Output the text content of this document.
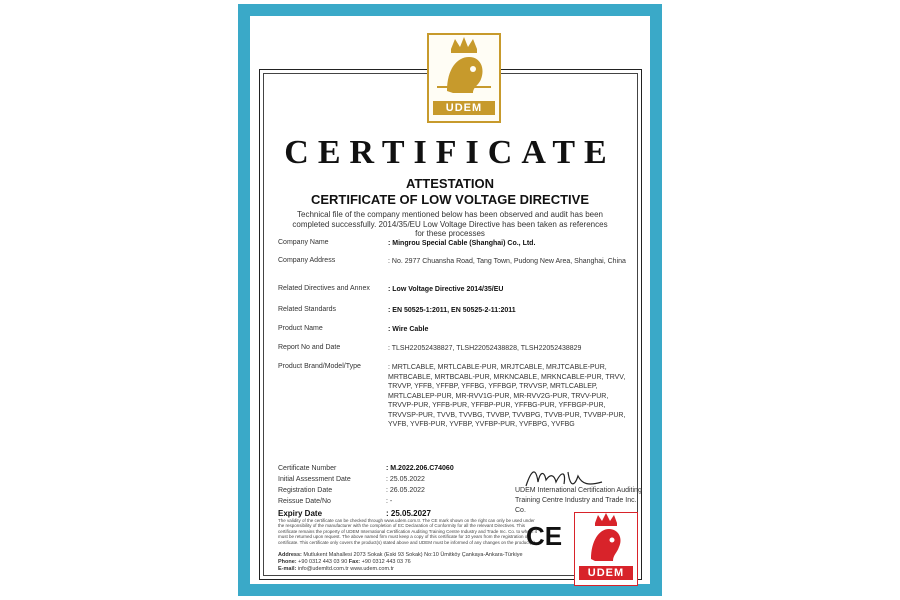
UDEM
CERTIFICATE
ATTESTATION
CERTIFICATE OF LOW VOLTAGE DIRECTIVE
Technical file of the company mentioned below has been observed and audit has been completed successfully. 2014/35/EU Low Voltage Directive has been taken as references for these processes
Company Name	: Mingrou Special Cable (Shanghai) Co., Ltd.
Company Address	: No. 2977 Chuansha Road, Tang Town, Pudong New Area, Shanghai, China
Related Directives and Annex	: Low Voltage Directive 2014/35/EU
Related Standards	: EN 50525-1:2011, EN 50525-2-11:2011
Product Name	: Wire Cable
Report No and Date	: TLSH22052438827, TLSH22052438828, TLSH22052438829
Product Brand/Model/Type	: MRTLCABLE, MRTLCABLE-PUR, MRJTCABLE, MRJTCABLE-PUR, MRTBCABLE, MRTBCABL-PUR, MRKNCABLE, MRKNCABLE-PUR, TRVV, TRVVP, YFFB, YFFBP, YFFBG, YFFBGP, TRVVSP, MRTLCABLEP, MRTLCABLEP-PUR, MR-RVV1G-PUR, MR-RVV2G-PUR, TRVV-PUR, TRVVP-PUR, YFFB-PUR, YFFBP-PUR, YFFBG-PUR, YFFBGP-PUR, TRVVSP-PUR, TVVB, TVVBG, TVVBP, TVVBPG, TVVB-PUR, TVVBP-PUR, YVFB, YVFB-PUR, YVFBP, YVFBP-PUR, YVFBPG, YVFBG
Certificate Number	: M.2022.206.C74060
Initial Assessment Date	: 25.05.2022
Registration Date	: 26.05.2022
Reissue Date/No	: -
Expiry Date	: 25.05.2027
UDEM International Certification Auditing Training Centre Industry and Trade Inc. Co.
The validity of the certificate can be checked through www.udem.com.tr. The CE mark shown on the right can only be used under the responsibility of the manufacturer with the completion of EC Declaration of Conformity for all the relevant Directives. This certificate remains the property of UDEM International Certification Auditing Training Centre Industry and Trade Inc. Co. to whom it must be returned upon request. The above named firm must keep a copy of this certificate for 10 years from the registration of certificate. This certificate only covers the product(s) stated above and UDEM must be informed of any changes on the product(s).
Address: Mutlukent Mahallesi 2073 Sokak (Eski 93 Sokak) No:10 Ümitköy Çankaya-Ankara-Türkiye
Phone: +90 0312 443 03 90 Fax: +90 0312 443 03 76
E-mail: info@udemltd.com.tr www.udem.com.tr
CE
UDEM
